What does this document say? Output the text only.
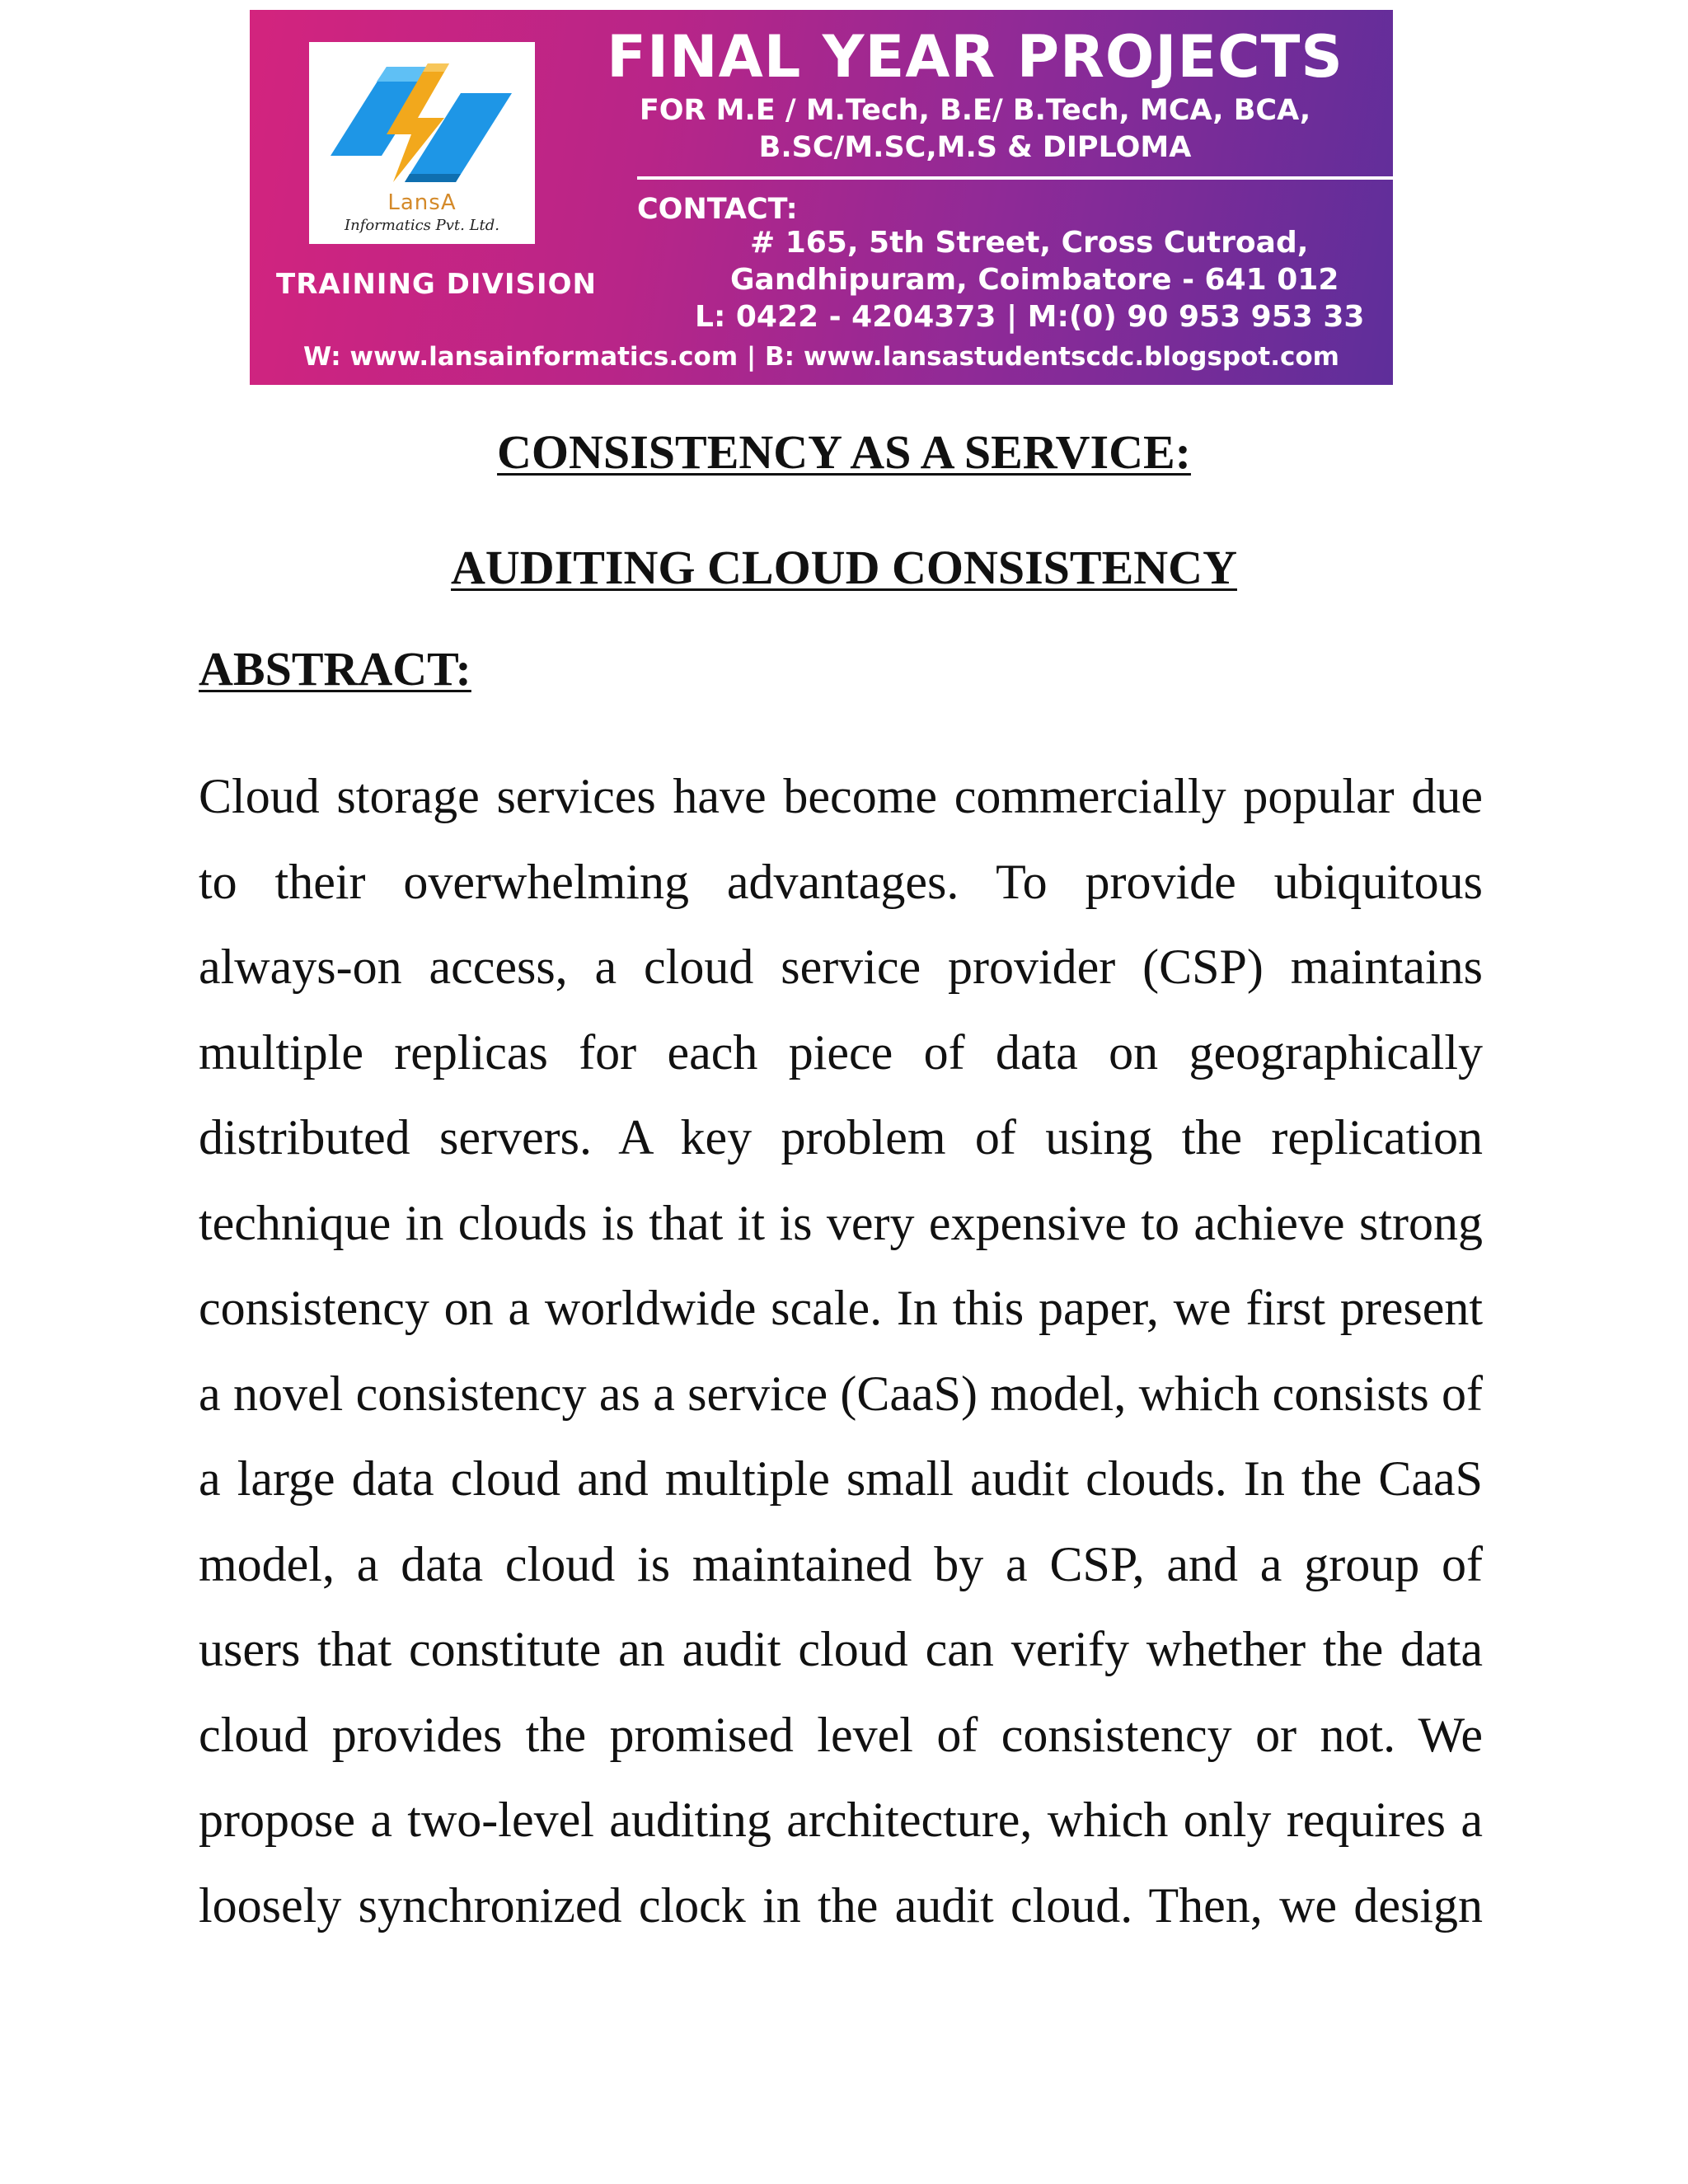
LansA
Informatics Pvt. Ltd.
TRAINING DIVISION
FINAL YEAR PROJECTS
FOR M.E / M.Tech, B.E/ B.Tech, MCA, BCA,
B.SC/M.SC,M.S & DIPLOMA
CONTACT:
# 165, 5th Street, Cross Cutroad,
Gandhipuram, Coimbatore - 641 012
L: 0422 - 4204373 | M:(0) 90 953 953 33
W: www.lansainformatics.com | B: www.lansastudentscdc.blogspot.com
CONSISTENCY AS A SERVICE:
AUDITING CLOUD CONSISTENCY
ABSTRACT:
Cloud storage services have become commercially popular due
to their overwhelming advantages. To provide ubiquitous
always-on access, a cloud service provider (CSP) maintains
multiple replicas for each piece of data on geographically
distributed servers. A key problem of using the replication
technique in clouds is that it is very expensive to achieve strong
consistency on a worldwide scale. In this paper, we first present
a novel consistency as a service (CaaS) model, which consists of
a large data cloud and multiple small audit clouds. In the CaaS
model, a data cloud is maintained by a CSP, and a group of
users that constitute an audit cloud can verify whether the data
cloud provides the promised level of consistency or not. We
propose a two-level auditing architecture, which only requires a
loosely synchronized clock in the audit cloud. Then, we design
